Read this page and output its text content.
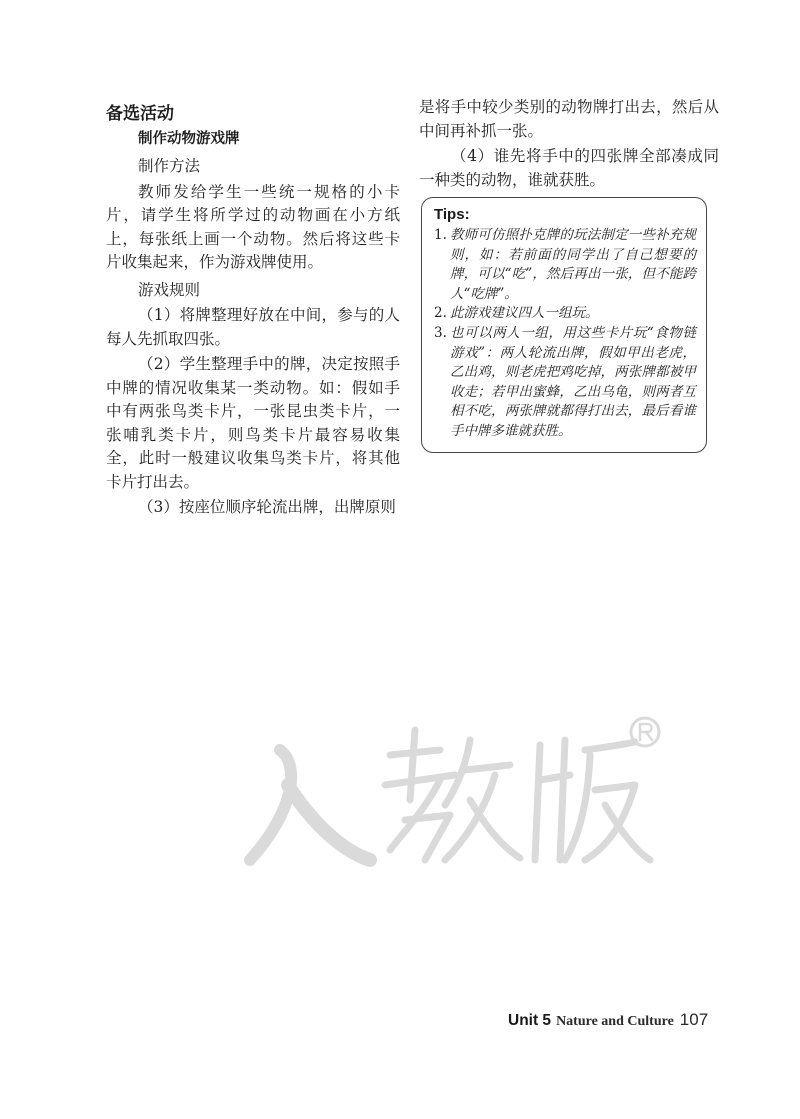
备选活动
制作动物游戏牌
制作方法
教师发给学生一些统一规格的小卡片，请学生将所学过的动物画在小方纸上，每张纸上画一个动物。然后将这些卡片收集起来，作为游戏牌使用。
游戏规则
（1）将牌整理好放在中间，参与的人每人先抓取四张。
（2）学生整理手中的牌，决定按照手中牌的情况收集某一类动物。如：假如手中有两张鸟类卡片，一张昆虫类卡片，一张哺乳类卡片，则鸟类卡片最容易收集全，此时一般建议收集鸟类卡片，将其他卡片打出去。
（3）按座位顺序轮流出牌，出牌原则
是将手中较少类别的动物牌打出去，然后从中间再补抓一张。
（4）谁先将手中的四张牌全部凑成同一种类的动物，谁就获胜。
Tips:
1. 教师可仿照扑克牌的玩法制定一些补充规则，如：若前面的同学出了自己想要的牌，可以“吃”，然后再出一张，但不能跨人“吃牌”。
2. 此游戏建议四人一组玩。
3. 也可以两人一组，用这些卡片玩“食物链游戏”：两人轮流出牌，假如甲出老虎，乙出鸡，则老虎把鸡吃掉，两张牌都被甲收走；若甲出蜜蜂，乙出乌龟，则两者互相不吃，两张牌就都得打出去，最后看谁手中牌多谁就获胜。
Unit 5 Nature and Culture 107
